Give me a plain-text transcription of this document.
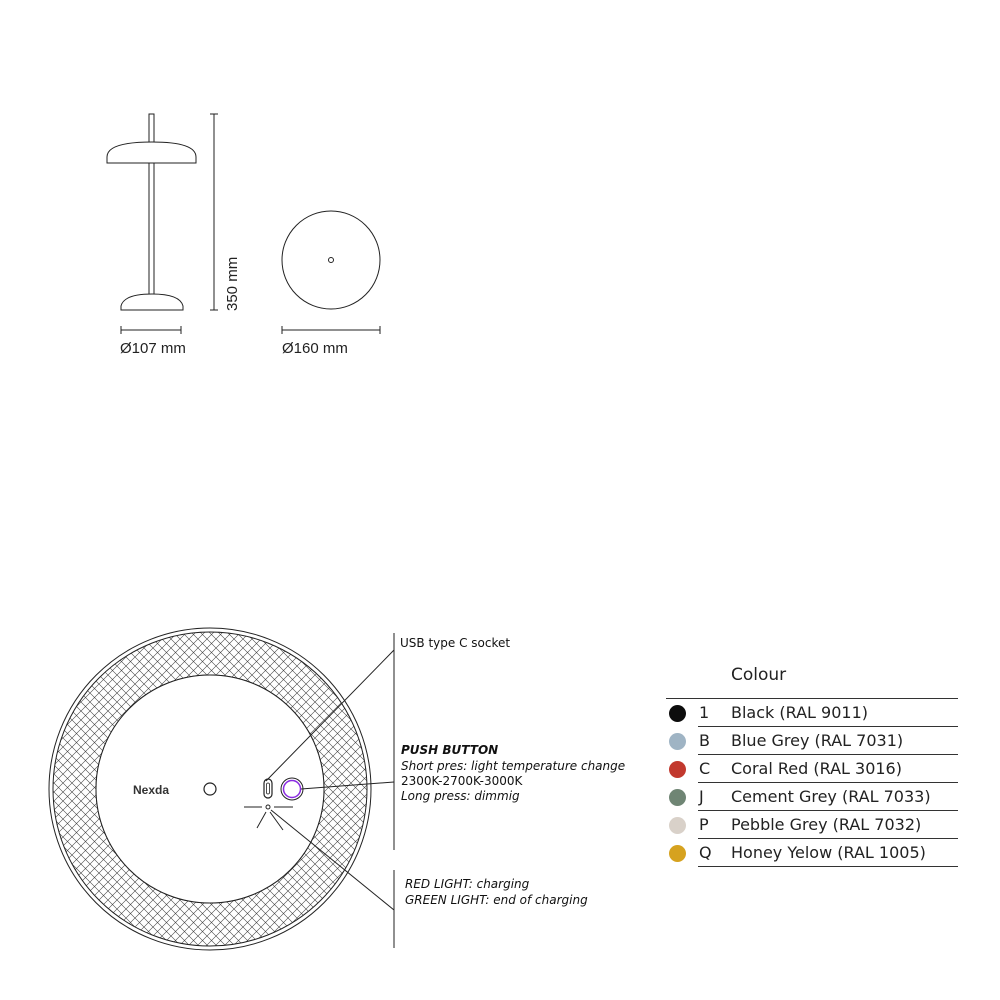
350 mm
Ø107 mm	Ø160 mm
Nexda
USB type C socket
PUSH BUTTON
Short pres: light temperature change
2300K-2700K-3000K
Long press: dimmig
RED LIGHT: charging
GREEN LIGHT: end of charging
Colour
1 Black (RAL 9011)
B Blue Grey (RAL 7031)
C Coral Red (RAL 3016)
J Cement Grey (RAL 7033)
P Pebble Grey (RAL 7032)
Q Honey Yelow (RAL 1005)
